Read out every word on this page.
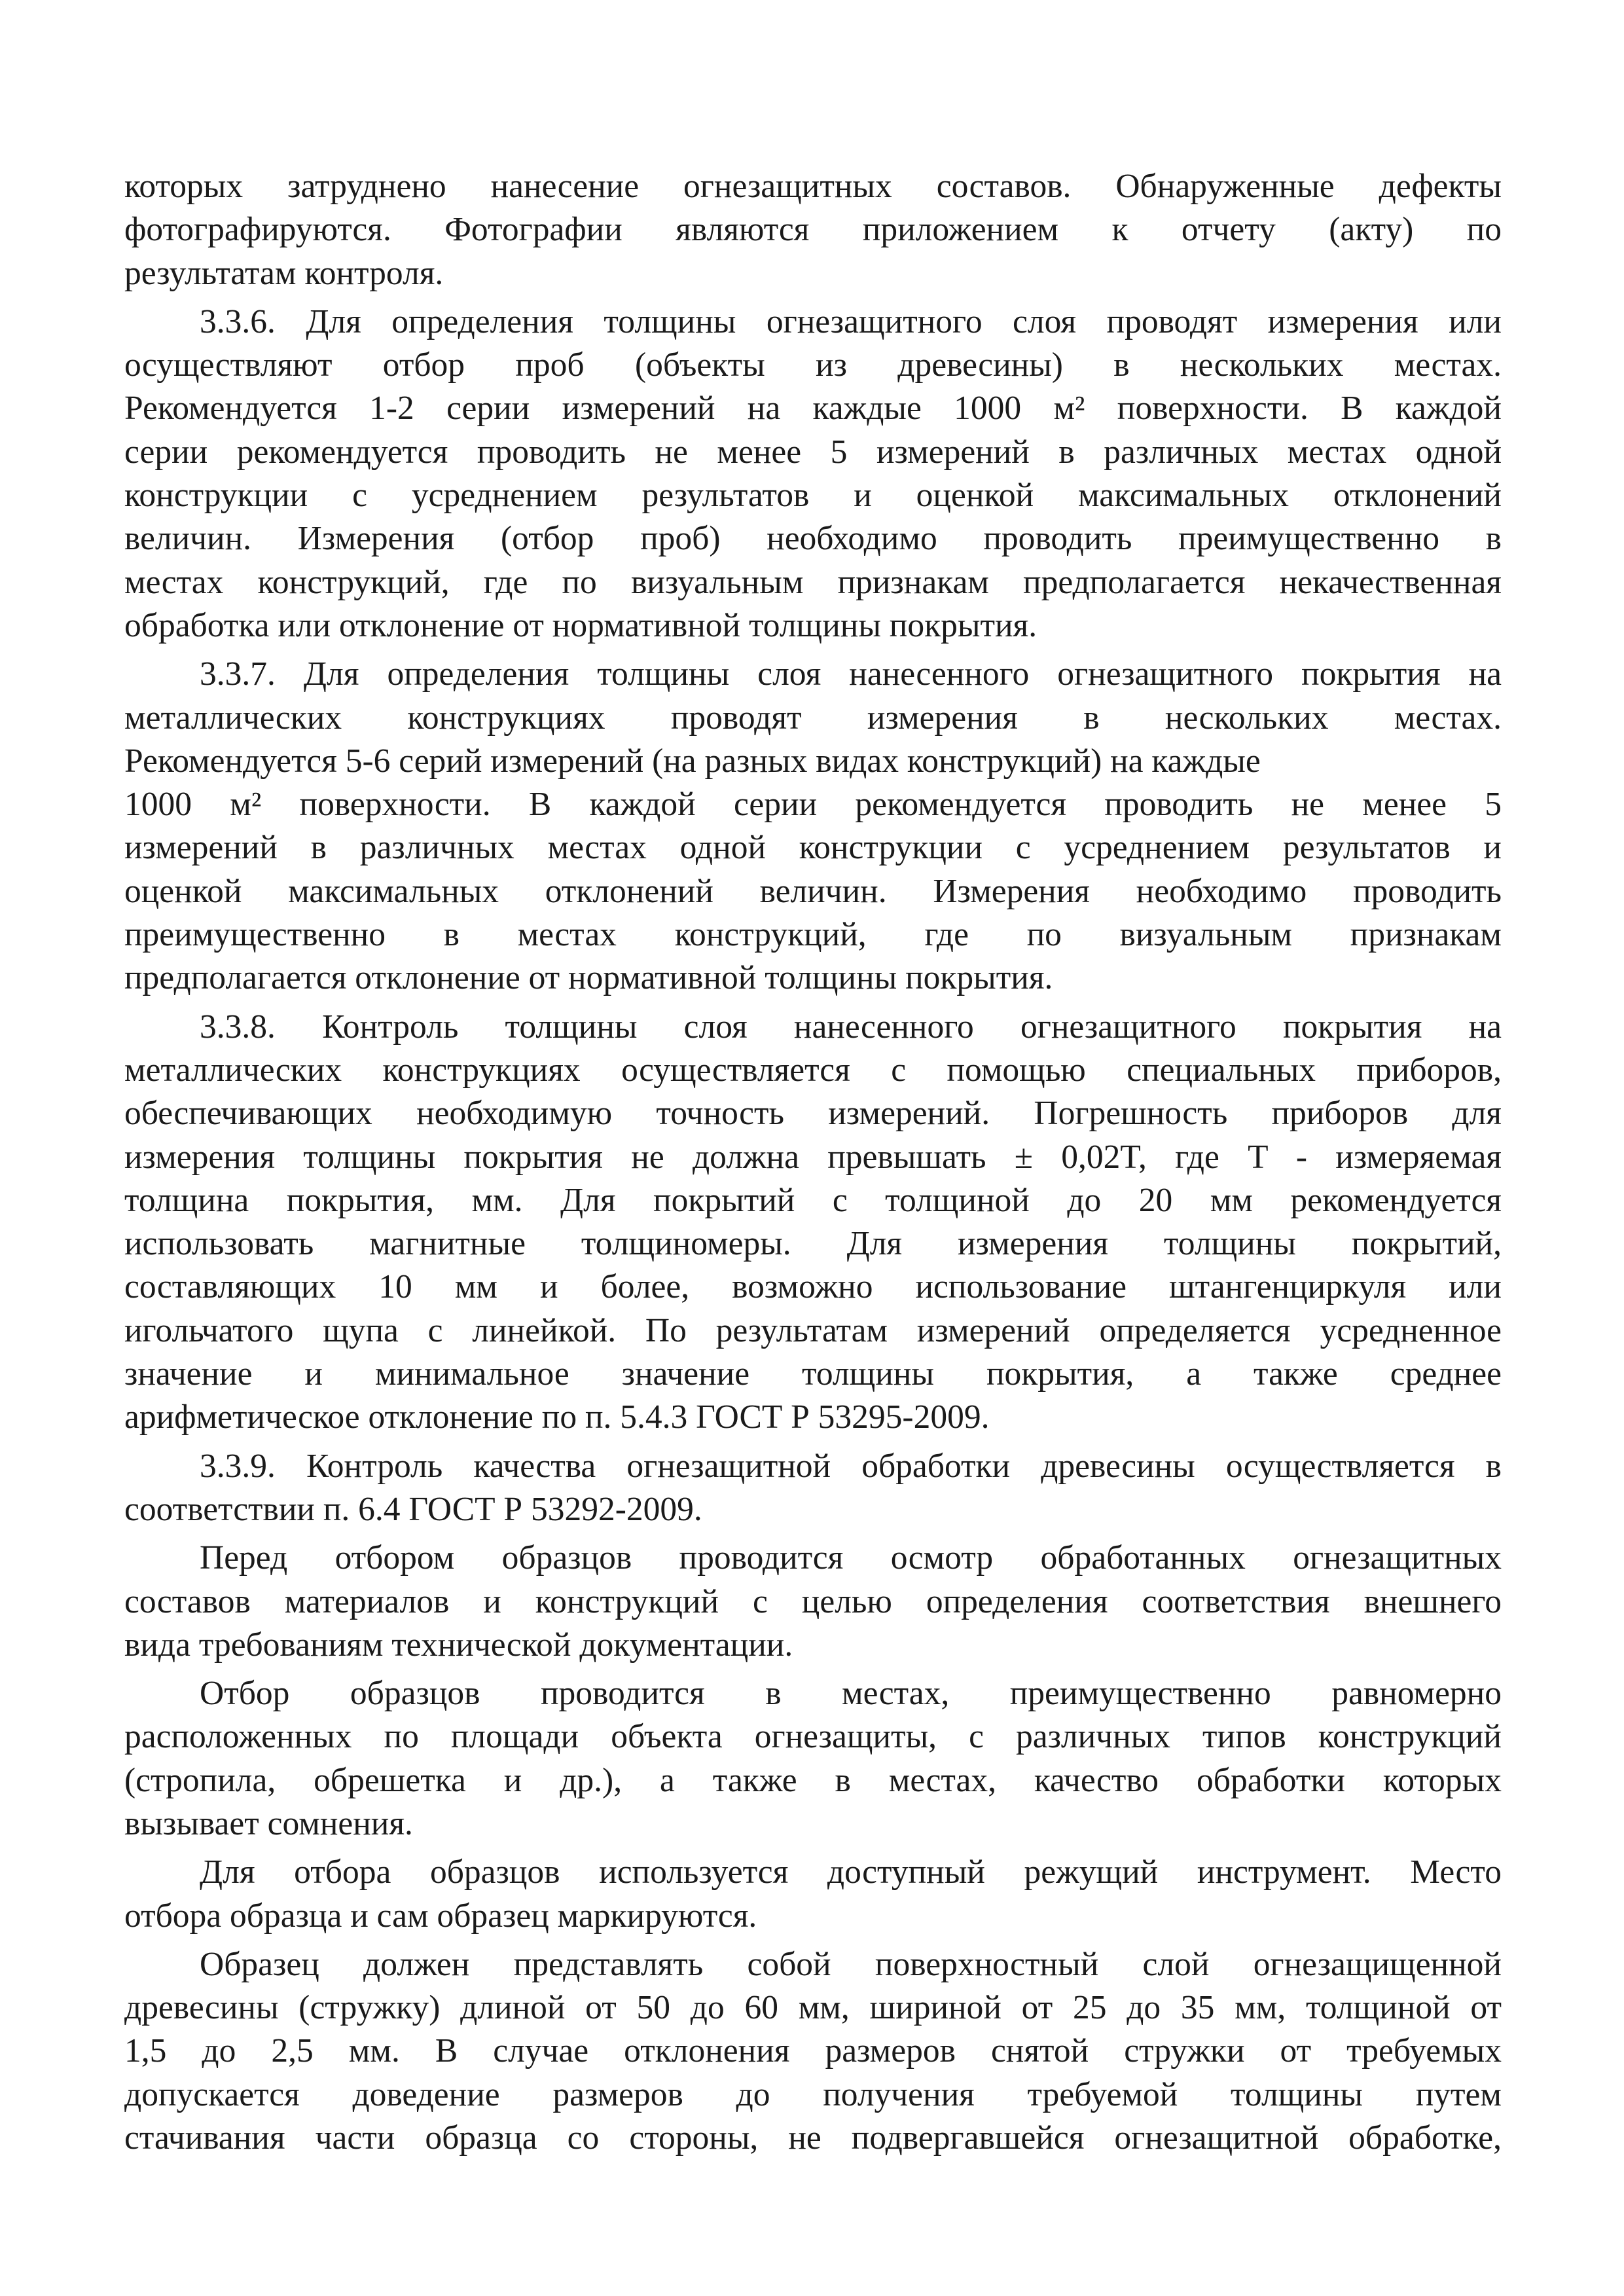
которых затруднено нанесение огнезащитных составов. Обнаруженные дефекты
фотографируются. Фотографии являются приложением к отчету (акту) по
результатам контроля.

3.3.6. Для определения толщины огнезащитного слоя проводят измерения или
осуществляют отбор проб (объекты из древесины) в нескольких местах.
Рекомендуется 1-2 серии измерений на каждые 1000 м² поверхности. В каждой
серии рекомендуется проводить не менее 5 измерений в различных местах одной
конструкции с усреднением результатов и оценкой максимальных отклонений
величин. Измерения (отбор проб) необходимо проводить преимущественно в
местах конструкций, где по визуальным признакам предполагается некачественная
обработка или отклонение от нормативной толщины покрытия.

3.3.7. Для определения толщины слоя нанесенного огнезащитного покрытия на
металлических конструкциях проводят измерения в нескольких местах.
Рекомендуется 5-6 серий измерений (на разных видах конструкций) на каждые
1000 м² поверхности. В каждой серии рекомендуется проводить не менее 5
измерений в различных местах одной конструкции с усреднением результатов и
оценкой максимальных отклонений величин. Измерения необходимо проводить
преимущественно в местах конструкций, где по визуальным признакам
предполагается отклонение от нормативной толщины покрытия.

3.3.8. Контроль толщины слоя нанесенного огнезащитного покрытия на
металлических конструкциях осуществляется с помощью специальных приборов,
обеспечивающих необходимую точность измерений. Погрешность приборов для
измерения толщины покрытия не должна превышать ± 0,02T, где T - измеряемая
толщина покрытия, мм. Для покрытий с толщиной до 20 мм рекомендуется
использовать магнитные толщиномеры. Для измерения толщины покрытий,
составляющих 10 мм и более, возможно использование штангенциркуля или
игольчатого щупа с линейкой. По результатам измерений определяется усредненное
значение и минимальное значение толщины покрытия, а также среднее
арифметическое отклонение по п. 5.4.3 ГОСТ Р 53295-2009.

3.3.9. Контроль качества огнезащитной обработки древесины осуществляется в
соответствии п. 6.4 ГОСТ Р 53292-2009.

Перед отбором образцов проводится осмотр обработанных огнезащитных
составов материалов и конструкций с целью определения соответствия внешнего
вида требованиям технической документации.

Отбор образцов проводится в местах, преимущественно равномерно
расположенных по площади объекта огнезащиты, с различных типов конструкций
(стропила, обрешетка и др.), а также в местах, качество обработки которых
вызывает сомнения.

Для отбора образцов используется доступный режущий инструмент. Место
отбора образца и сам образец маркируются.

Образец должен представлять собой поверхностный слой огнезащищенной
древесины (стружку) длиной от 50 до 60 мм, шириной от 25 до 35 мм, толщиной от
1,5 до 2,5 мм. В случае отклонения размеров снятой стружки от требуемых
допускается доведение размеров до получения требуемой толщины путем
стачивания части образца со стороны, не подвергавшейся огнезащитной обработке,
